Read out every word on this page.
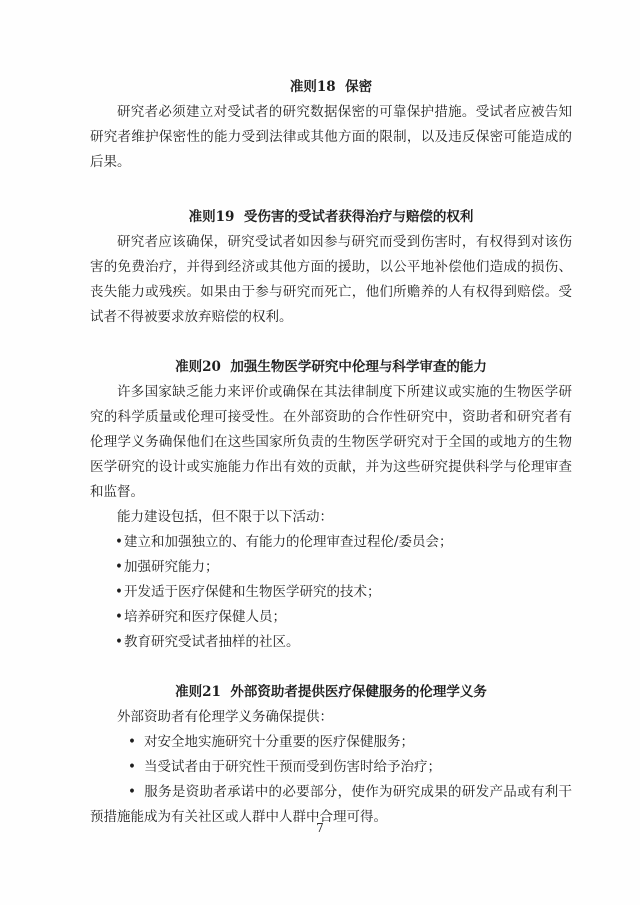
准则18  保密

研究者必须建立对受试者的研究数据保密的可靠保护措施。受试者应被告知研究者维护保密性的能力受到法律或其他方面的限制，以及违反保密可能造成的后果。

准则19  受伤害的受试者获得治疗与赔偿的权利

研究者应该确保，研究受试者如因参与研究而受到伤害时，有权得到对该伤害的免费治疗，并得到经济或其他方面的援助，以公平地补偿他们造成的损伤、丧失能力或残疾。如果由于参与研究而死亡，他们所赡养的人有权得到赔偿。受试者不得被要求放弃赔偿的权利。

准则20  加强生物医学研究中伦理与科学审查的能力

许多国家缺乏能力来评价或确保在其法律制度下所建议或实施的生物医学研究的科学质量或伦理可接受性。在外部资助的合作性研究中，资助者和研究者有伦理学义务确保他们在这些国家所负责的生物医学研究对于全国的或地方的生物医学研究的设计或实施能力作出有效的贡献，并为这些研究提供科学与伦理审查和监督。

能力建设包括，但不限于以下活动：

•建立和加强独立的、有能力的伦理审查过程伦/委员会；

•加强研究能力；

•开发适于医疗保健和生物医学研究的技术；

•培养研究和医疗保健人员；

•教育研究受试者抽样的社区。

准则21  外部资助者提供医疗保健服务的伦理学义务

外部资助者有伦理学义务确保提供：

• 对安全地实施研究十分重要的医疗保健服务；

• 当受试者由于研究性干预而受到伤害时给予治疗；

• 服务是资助者承诺中的必要部分，使作为研究成果的研发产品或有利干预措施能成为有关社区或人群中人群中合理可得。

7
